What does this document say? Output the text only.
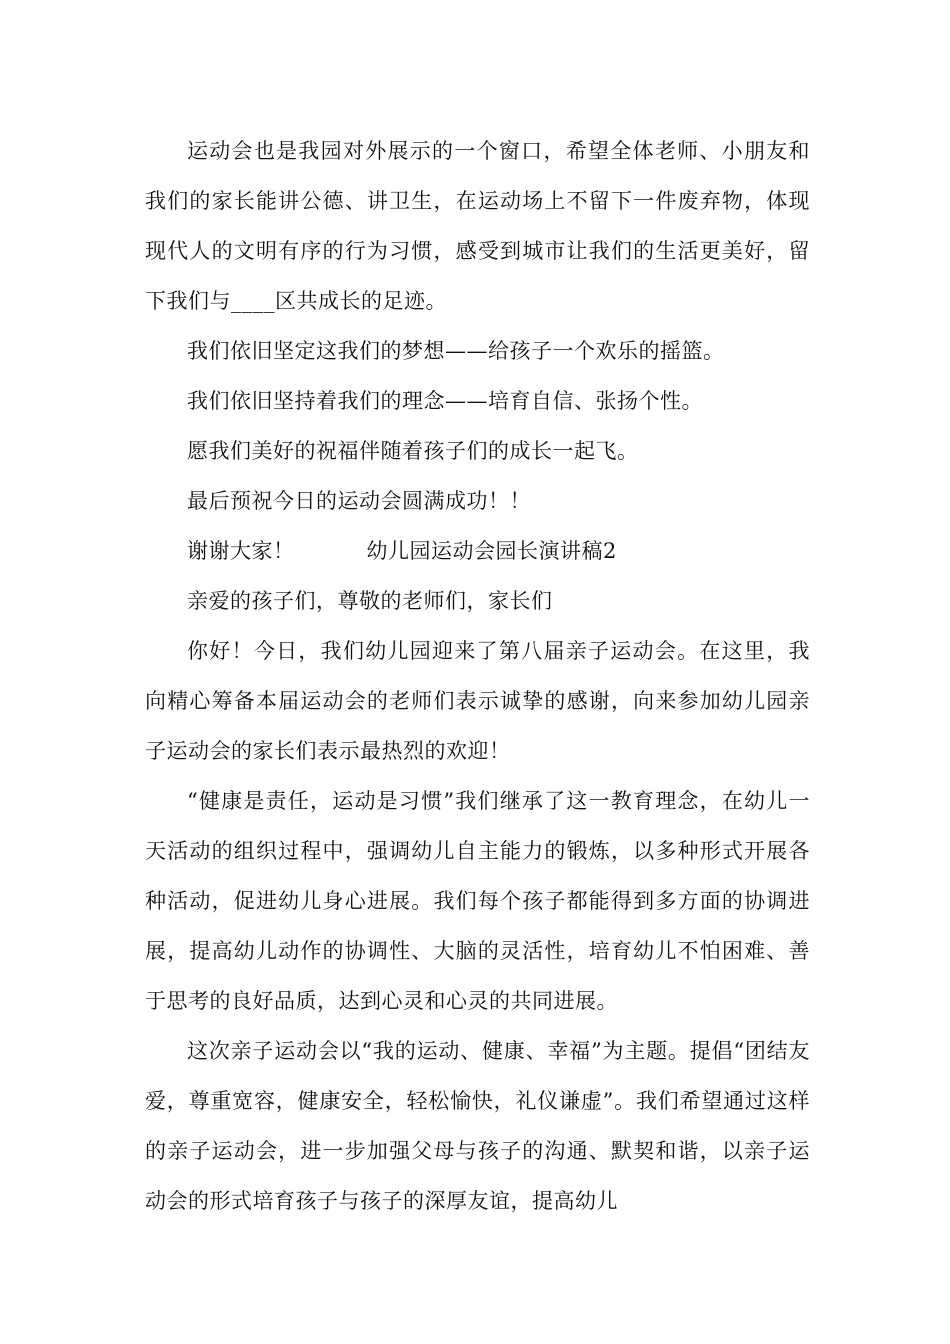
运动会也是我园对外展示的一个窗口，希望全体老师、小朋友和我们的家长能讲公德、讲卫生，在运动场上不留下一件废弃物，体现现代人的文明有序的行为习惯，感受到城市让我们的生活更美好，留下我们与____区共成长的足迹。

我们依旧坚定这我们的梦想——给孩子一个欢乐的摇篮。

我们依旧坚持着我们的理念——培育自信、张扬个性。

愿我们美好的祝福伴随着孩子们的成长一起飞。

最后预祝今日的运动会圆满成功！！

谢谢大家！	幼儿园运动会园长演讲稿2

亲爱的孩子们，尊敬的老师们，家长们

你好！今日，我们幼儿园迎来了第八届亲子运动会。在这里，我向精心筹备本届运动会的老师们表示诚挚的感谢，向来参加幼儿园亲子运动会的家长们表示最热烈的欢迎！

“健康是责任，运动是习惯”我们继承了这一教育理念，在幼儿一天活动的组织过程中，强调幼儿自主能力的锻炼，以多种形式开展各种活动，促进幼儿身心进展。我们每个孩子都能得到多方面的协调进展，提高幼儿动作的协调性、大脑的灵活性，培育幼儿不怕困难、善于思考的良好品质，达到心灵和心灵的共同进展。

这次亲子运动会以“我的运动、健康、幸福”为主题。提倡“团结友爱，尊重宽容，健康安全，轻松愉快，礼仪谦虚”。我们希望通过这样的亲子运动会，进一步加强父母与孩子的沟通、默契和谐，以亲子运动会的形式培育孩子与孩子的深厚友谊，提高幼儿
